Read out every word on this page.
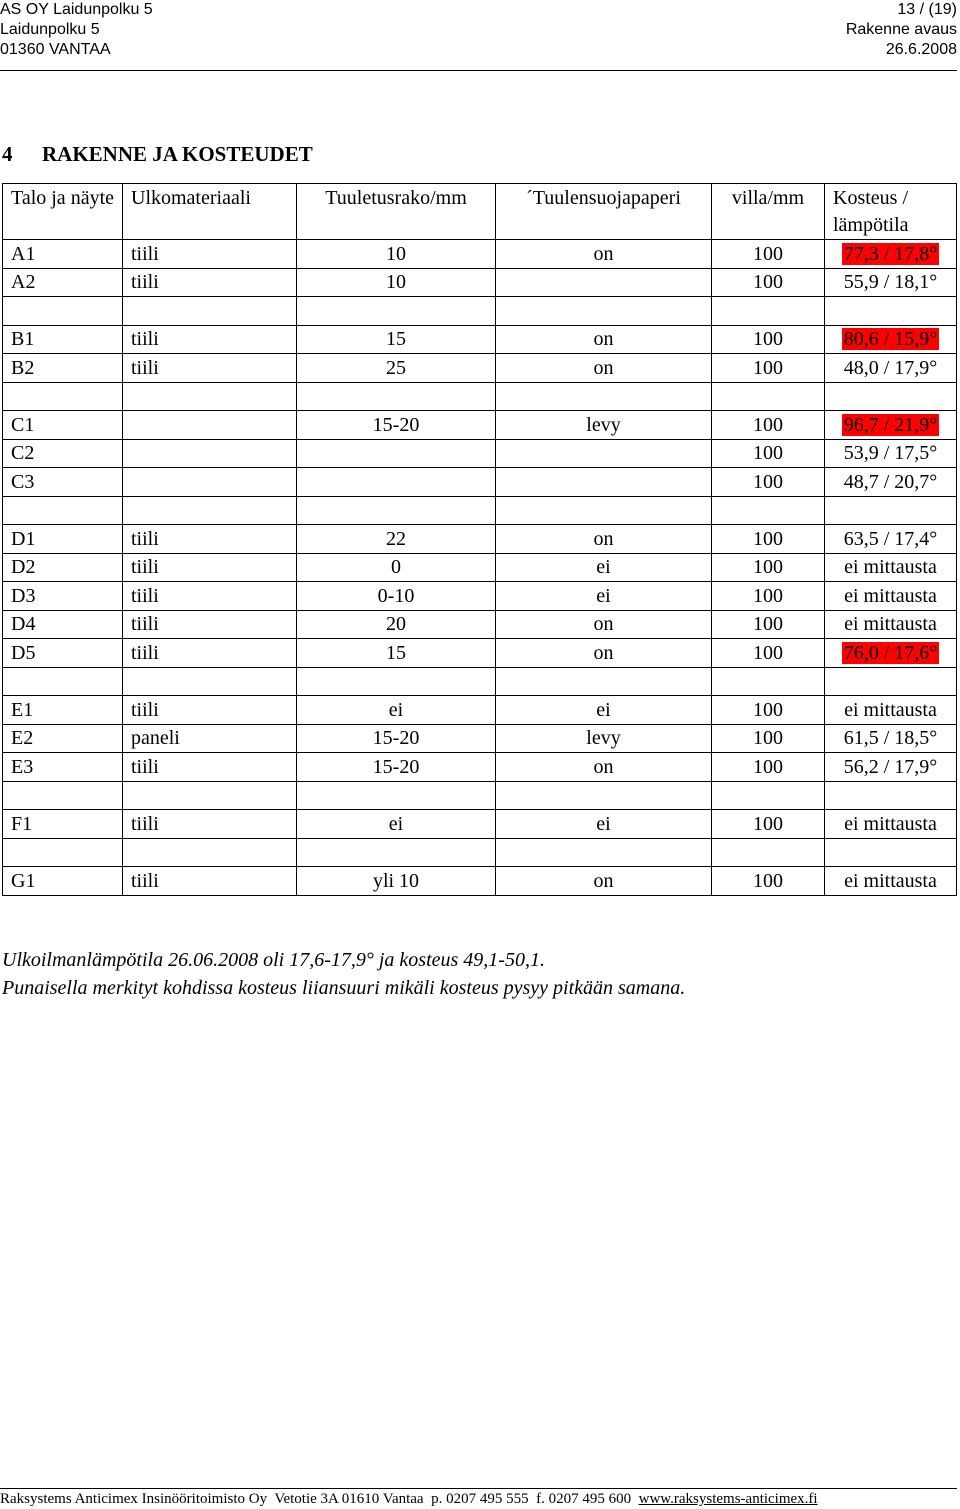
AS OY Laidunpolku 5	13 / (19)
Laidunpolku 5	Rakenne avaus
01360 VANTAA	26.6.2008
4 RAKENNE JA KOSTEUDET
Talo ja näyte	Ulkomateriaali	Tuuletusrako/mm	´Tuulensuojapaperi	villa/mm	Kosteus / lämpötila
A1	tiili	10	on	100	77,3 / 17,8°
A2	tiili	10		100	55,9 / 18,1°

B1	tiili	15	on	100	80,6 / 15,9°
B2	tiili	25	on	100	48,0 / 17,9°

C1		15-20	levy	100	96,7 / 21,9°
C2				100	53,9 / 17,5°
C3				100	48,7 / 20,7°

D1	tiili	22	on	100	63,5 / 17,4°
D2	tiili	0	ei	100	ei mittausta
D3	tiili	0-10	ei	100	ei mittausta
D4	tiili	20	on	100	ei mittausta
D5	tiili	15	on	100	76,0 / 17,6°

E1	tiili	ei	ei	100	ei mittausta
E2	paneli	15-20	levy	100	61,5 / 18,5°
E3	tiili	15-20	on	100	56,2 / 17,9°

F1	tiili	ei	ei	100	ei mittausta

G1	tiili	yli 10	on	100	ei mittausta
Ulkoilmanlämpötila 26.06.2008 oli 17,6-17,9° ja kosteus 49,1-50,1.
Punaisella merkityt kohdissa kosteus liiansuuri mikäli kosteus pysyy pitkään samana.
Raksystems Anticimex Insinööritoimisto Oy Vetotie 3A 01610 Vantaa p. 0207 495 555 f. 0207 495 600 www.raksystems-anticimex.fi
